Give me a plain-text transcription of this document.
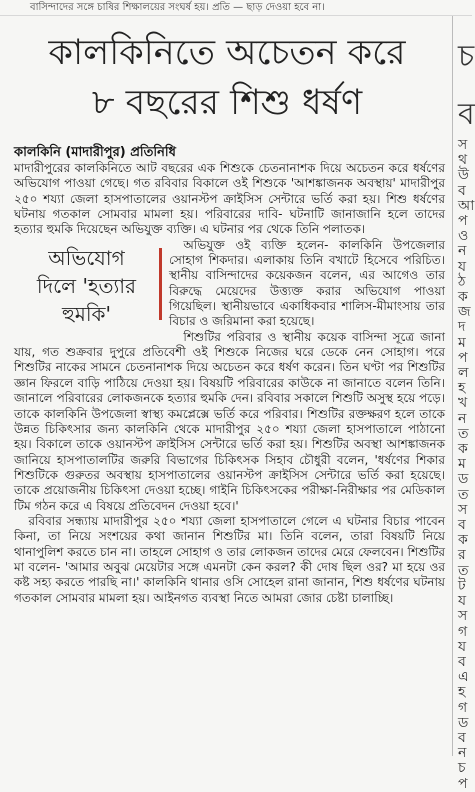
বাসিন্দাদের সঙ্গে চাষির শিক্ষালয়ের সংঘর্ষ হয়। প্রতি — ছাড় দেওয়া হবে না।
কালকিনিতে অচেতন করে
৮ বছরের শিশু ধর্ষণ
চ
ব
স
থ
উ
ব
আ
প
ও
ন
য
ঠ
ক
জ
দ
ম
প
ল
হ
খ
ন
ত
ক
ম
ড
ত
স
ব
ক
র
ত
ট
য
স
গ
য
ব
এ
হ
গ
ড
ব
ন
চ
প
কালকিনি (মাদারীপুর) প্রতিনিধি

মাদারীপুরের কালকিনিতে আট বছরের এক শিশুকে চেতনানাশক দিয়ে অচেতন করে ধর্ষণের অভিযোগ পাওয়া গেছে। গত রবিবার বিকালে ওই শিশুকে 'আশঙ্কাজনক অবস্থায়' মাদারীপুর ২৫০ শয্যা জেলা হাসপাতালের ওয়ানস্টপ ক্রাইসিস সেন্টারে ভর্তি করা হয়। শিশু ধর্ষণের ঘটনায় গতকাল সোমবার মামলা হয়। পরিবারের দাবি- ঘটনাটি জানাজানি হলে তাদের হত্যার হুমকি দিয়েছেন অভিযুক্ত ব্যক্তি। এ ঘটনার পর থেকে তিনি পলাতক।

অভিযোগ
দিলে 'হত্যার
হুমকি'

অভিযুক্ত ওই ব্যক্তি হলেন- কালকিনি উপজেলার সোহাগ শিকদার। এলাকায় তিনি বখাটে হিসেবে পরিচিত। স্থানীয় বাসিন্দাদের কয়েকজন বলেন, এর আগেও তার বিরুদ্ধে মেয়েদের উত্ত্যক্ত করার অভিযোগ পাওয়া গিয়েছিল। স্থানীয়ভাবে একাধিকবার শালিস-মীমাংসায় তার বিচার ও জরিমানা করা হয়েছে।

শিশুটির পরিবার ও স্থানীয় কয়েক বাসিন্দা সূত্রে জানা যায়, গত শুক্রবার দুপুরে প্রতিবেশী ওই শিশুকে নিজের ঘরে ডেকে নেন সোহাগ। পরে শিশুটির নাকের সামনে চেতনানাশক দিয়ে অচেতন করে ধর্ষণ করেন। তিন ঘণ্টা পর শিশুটির জ্ঞান ফিরলে বাড়ি পাঠিয়ে দেওয়া হয়। বিষয়টি পরিবারের কাউকে না জানাতে বলেন তিনি। জানালে পরিবারের লোকজনকে হত্যার হুমকি দেন। রবিবার সকালে শিশুটি অসুস্থ হয়ে পড়ে। তাকে কালকিনি উপজেলা স্বাস্থ্য কমপ্লেক্সে ভর্তি করে পরিবার। শিশুটির রক্তক্ষরণ হলে তাকে উন্নত চিকিৎসার জন্য কালকিনি থেকে মাদারীপুর ২৫০ শয্যা জেলা হাসপাতালে পাঠানো হয়। বিকালে তাকে ওয়ানস্টপ ক্রাইসিস সেন্টারে ভর্তি করা হয়। শিশুটির অবস্থা আশঙ্কাজনক জানিয়ে হাসপাতালটির জরুরি বিভাগের চিকিৎসক সিহাব চৌধুরী বলেন, 'ধর্ষণের শিকার শিশুটিকে গুরুতর অবস্থায় হাসপাতালের ওয়ানস্টপ ক্রাইসিস সেন্টারে ভর্তি করা হয়েছে। তাকে প্রয়োজনীয় চিকিৎসা দেওয়া হচ্ছে। গাইনি চিকিৎসকের পরীক্ষা-নিরীক্ষার পর মেডিকাল টিম গঠন করে এ বিষয়ে প্রতিবেদন দেওয়া হবে।'

রবিবার সন্ধ্যায় মাদারীপুর ২৫০ শয্যা জেলা হাসপাতালে গেলে এ ঘটনার বিচার পাবেন কিনা, তা নিয়ে সংশয়ের কথা জানান শিশুটির মা। তিনি বলেন, তারা বিষয়টি নিয়ে থানাপুলিশ করতে চান না। তাহলে সোহাগ ও তার লোকজন তাদের মেরে ফেলবেন। শিশুটির মা বলেন- 'আমার অবুঝ মেয়েটার সঙ্গে এমনটা কেন করল? কী দোষ ছিল ওর? মা হয়ে ওর কষ্ট সহ্য করতে পারছি না।' কালকিনি থানার ওসি সোহেল রানা জানান, শিশু ধর্ষণের ঘটনায় গতকাল সোমবার মামলা হয়। আইনগত ব্যবস্থা নিতে আমরা জোর চেষ্টা চালাচ্ছি।
